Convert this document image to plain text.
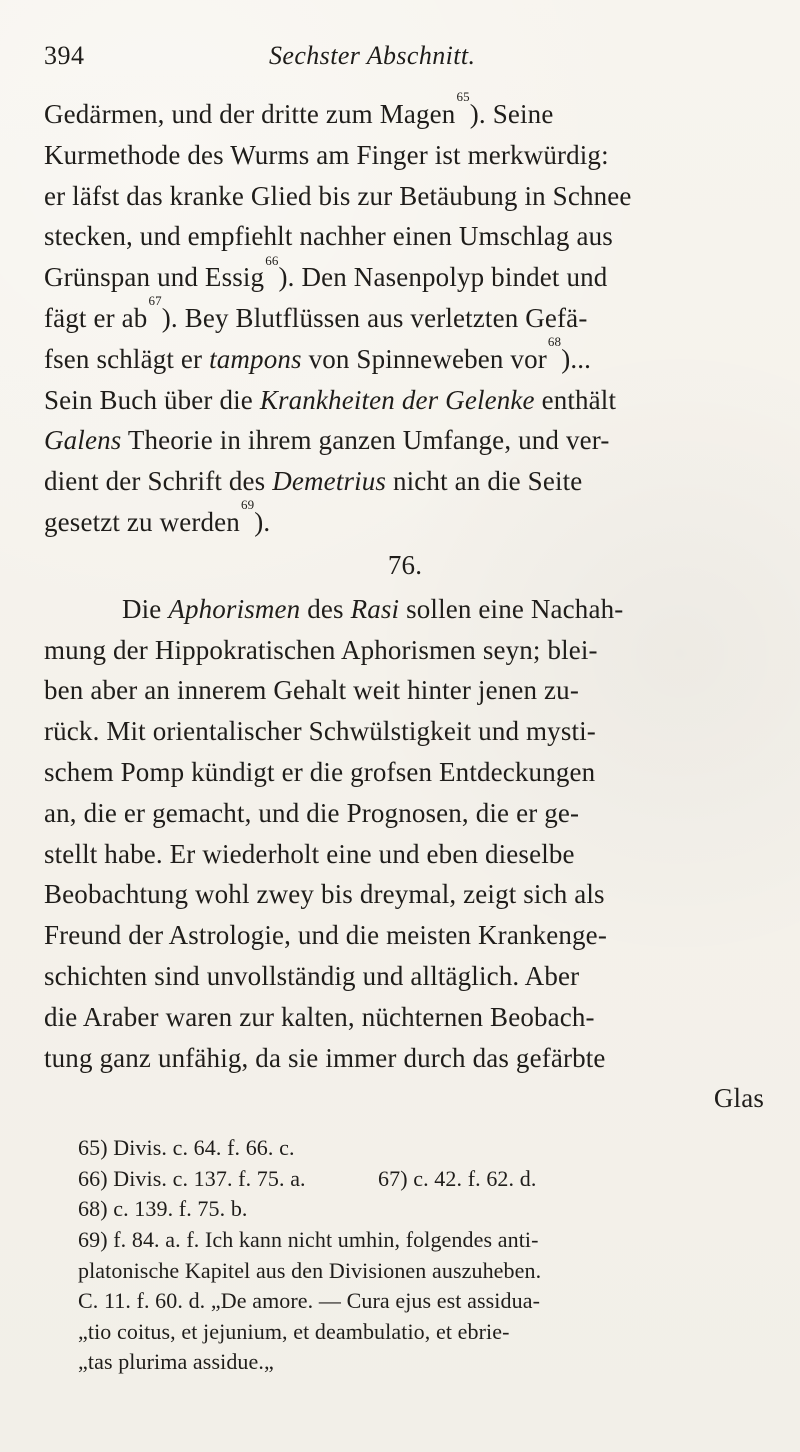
394	Sechster Abschnitt.
Gedärmen, und der dritte zum Magen$^{65}$). Seine
Kurmethode des Wurms am Finger ist merkwürdig:
er läfst das kranke Glied bis zur Betäubung in Schnee
stecken, und empfiehlt nachher einen Umschlag aus
Grünspan und Essig$^{66}$). Den Nasenpolyp bindet und
fägt er $ab^{67}$). Bey Blutflüssen aus verletzten Gefä-
fsen schlägt er tampons von Spinneweben vor$^{68}$)...
Sein Buch über die Krankheiten der Gelenke enthält
Galens Theorie in ihrem ganzen Umfange, und ver-
dient der Schrift des Demetrius nicht an die Seite
gesetzt zu werden$^{69}$).
76.
Die Aphorismen des Rasi sollen eine Nachah-
mung der Hippokratischen Aphorismen seyn; blei-
ben aber an innerem Gehalt weit hinter jenen zu-
rück. Mit orientalischer Schwülstigkeit und mysti-
schem Pomp kündigt er die grofsen Entdeckungen
an, die er gemacht, und die Prognosen, die er ge-
stellt habe. Er wiederholt eine und eben dieselbe
Beobachtung wohl zwey bis dreymal, zeigt sich als
Freund der Astrologie, und die meisten Krankenge-
schichten sind unvollständig und alltäglich. Aber
die Araber waren zur kalten, nüchternen Beobach-
tung ganz unfähig, da sie immer durch das gefärbte
Glas
65) Divis. c. 64. f. 66. c.
66) Divis. c. 137. f. 75. a.	67) c. 42. f. 62. d.
68) c. 139. f. 75. b.
69) f. 84. a. f. Ich kann nicht umhin, folgendes anti-
platonische Kapitel aus den Divisionen auszuheben.
C. 11. f. 60. d. „De amore. — Cura ejus est assidua-
„tio coitus, et jejunium, et deambulatio, et ebrie-
„tas plurima assidue.„
